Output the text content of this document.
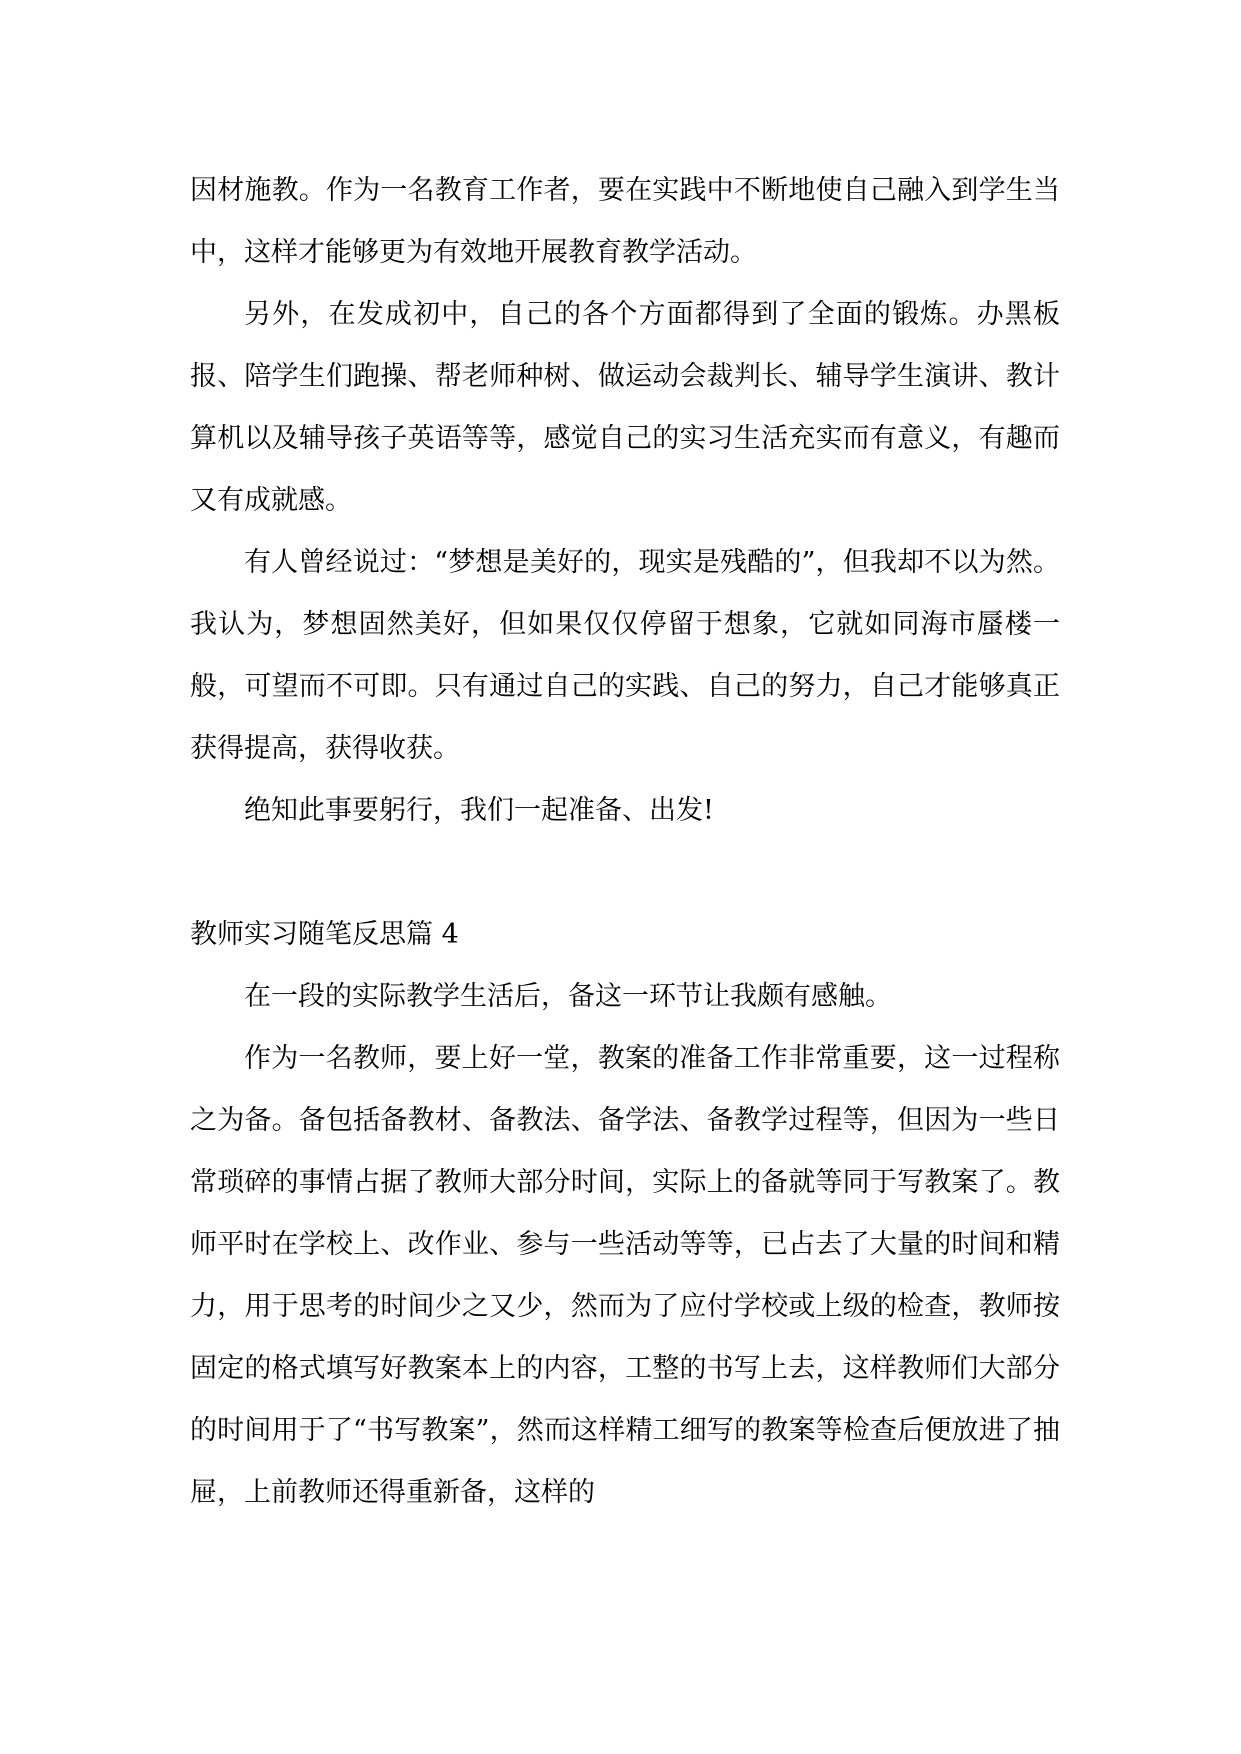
因材施教。作为一名教育工作者，要在实践中不断地使自己融入到学生当中，这样才能够更为有效地开展教育教学活动。

另外，在发成初中，自己的各个方面都得到了全面的锻炼。办黑板报、陪学生们跑操、帮老师种树、做运动会裁判长、辅导学生演讲、教计算机以及辅导孩子英语等等，感觉自己的实习生活充实而有意义，有趣而又有成就感。

有人曾经说过：“梦想是美好的，现实是残酷的”，但我却不以为然。我认为，梦想固然美好，但如果仅仅停留于想象，它就如同海市蜃楼一般，可望而不可即。只有通过自己的实践、自己的努力，自己才能够真正获得提高，获得收获。

绝知此事要躬行，我们一起准备、出发!

教师实习随笔反思篇 4

在一段的实际教学生活后，备这一环节让我颇有感触。

作为一名教师，要上好一堂，教案的准备工作非常重要，这一过程称之为备。备包括备教材、备教法、备学法、备教学过程等，但因为一些日常琐碎的事情占据了教师大部分时间，实际上的备就等同于写教案了。教师平时在学校上、改作业、参与一些活动等等，已占去了大量的时间和精力，用于思考的时间少之又少，然而为了应付学校或上级的检查，教师按固定的格式填写好教案本上的内容，工整的书写上去，这样教师们大部分的时间用于了“书写教案”，然而这样精工细写的教案等检查后便放进了抽屉，上前教师还得重新备，这样的
